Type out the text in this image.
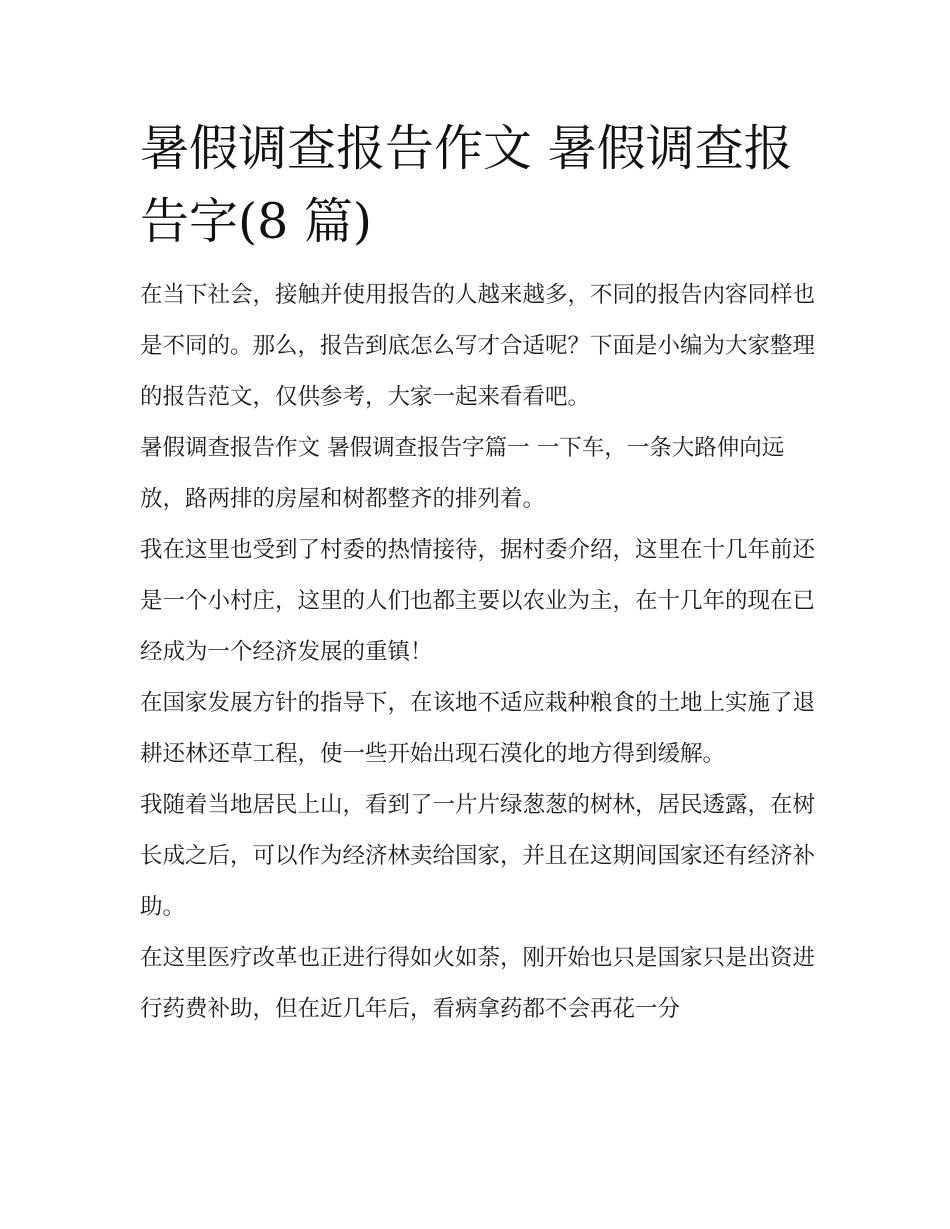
暑假调查报告作文 暑假调查报告字(8 篇)

在当下社会，接触并使用报告的人越来越多，不同的报告内容同样也是不同的。那么，报告到底怎么写才合适呢？下面是小编为大家整理的报告范文，仅供参考，大家一起来看看吧。

暑假调查报告作文 暑假调查报告字篇一 一下车，一条大路伸向远放，路两排的房屋和树都整齐的排列着。

我在这里也受到了村委的热情接待，据村委介绍，这里在十几年前还是一个小村庄，这里的人们也都主要以农业为主，在十几年的现在已经成为一个经济发展的重镇！

在国家发展方针的指导下，在该地不适应栽种粮食的土地上实施了退耕还林还草工程，使一些开始出现石漠化的地方得到缓解。

我随着当地居民上山，看到了一片片绿葱葱的树林，居民透露，在树长成之后，可以作为经济林卖给国家，并且在这期间国家还有经济补助。

在这里医疗改革也正进行得如火如荼，刚开始也只是国家只是出资进行药费补助，但在近几年后，看病拿药都不会再花一分
